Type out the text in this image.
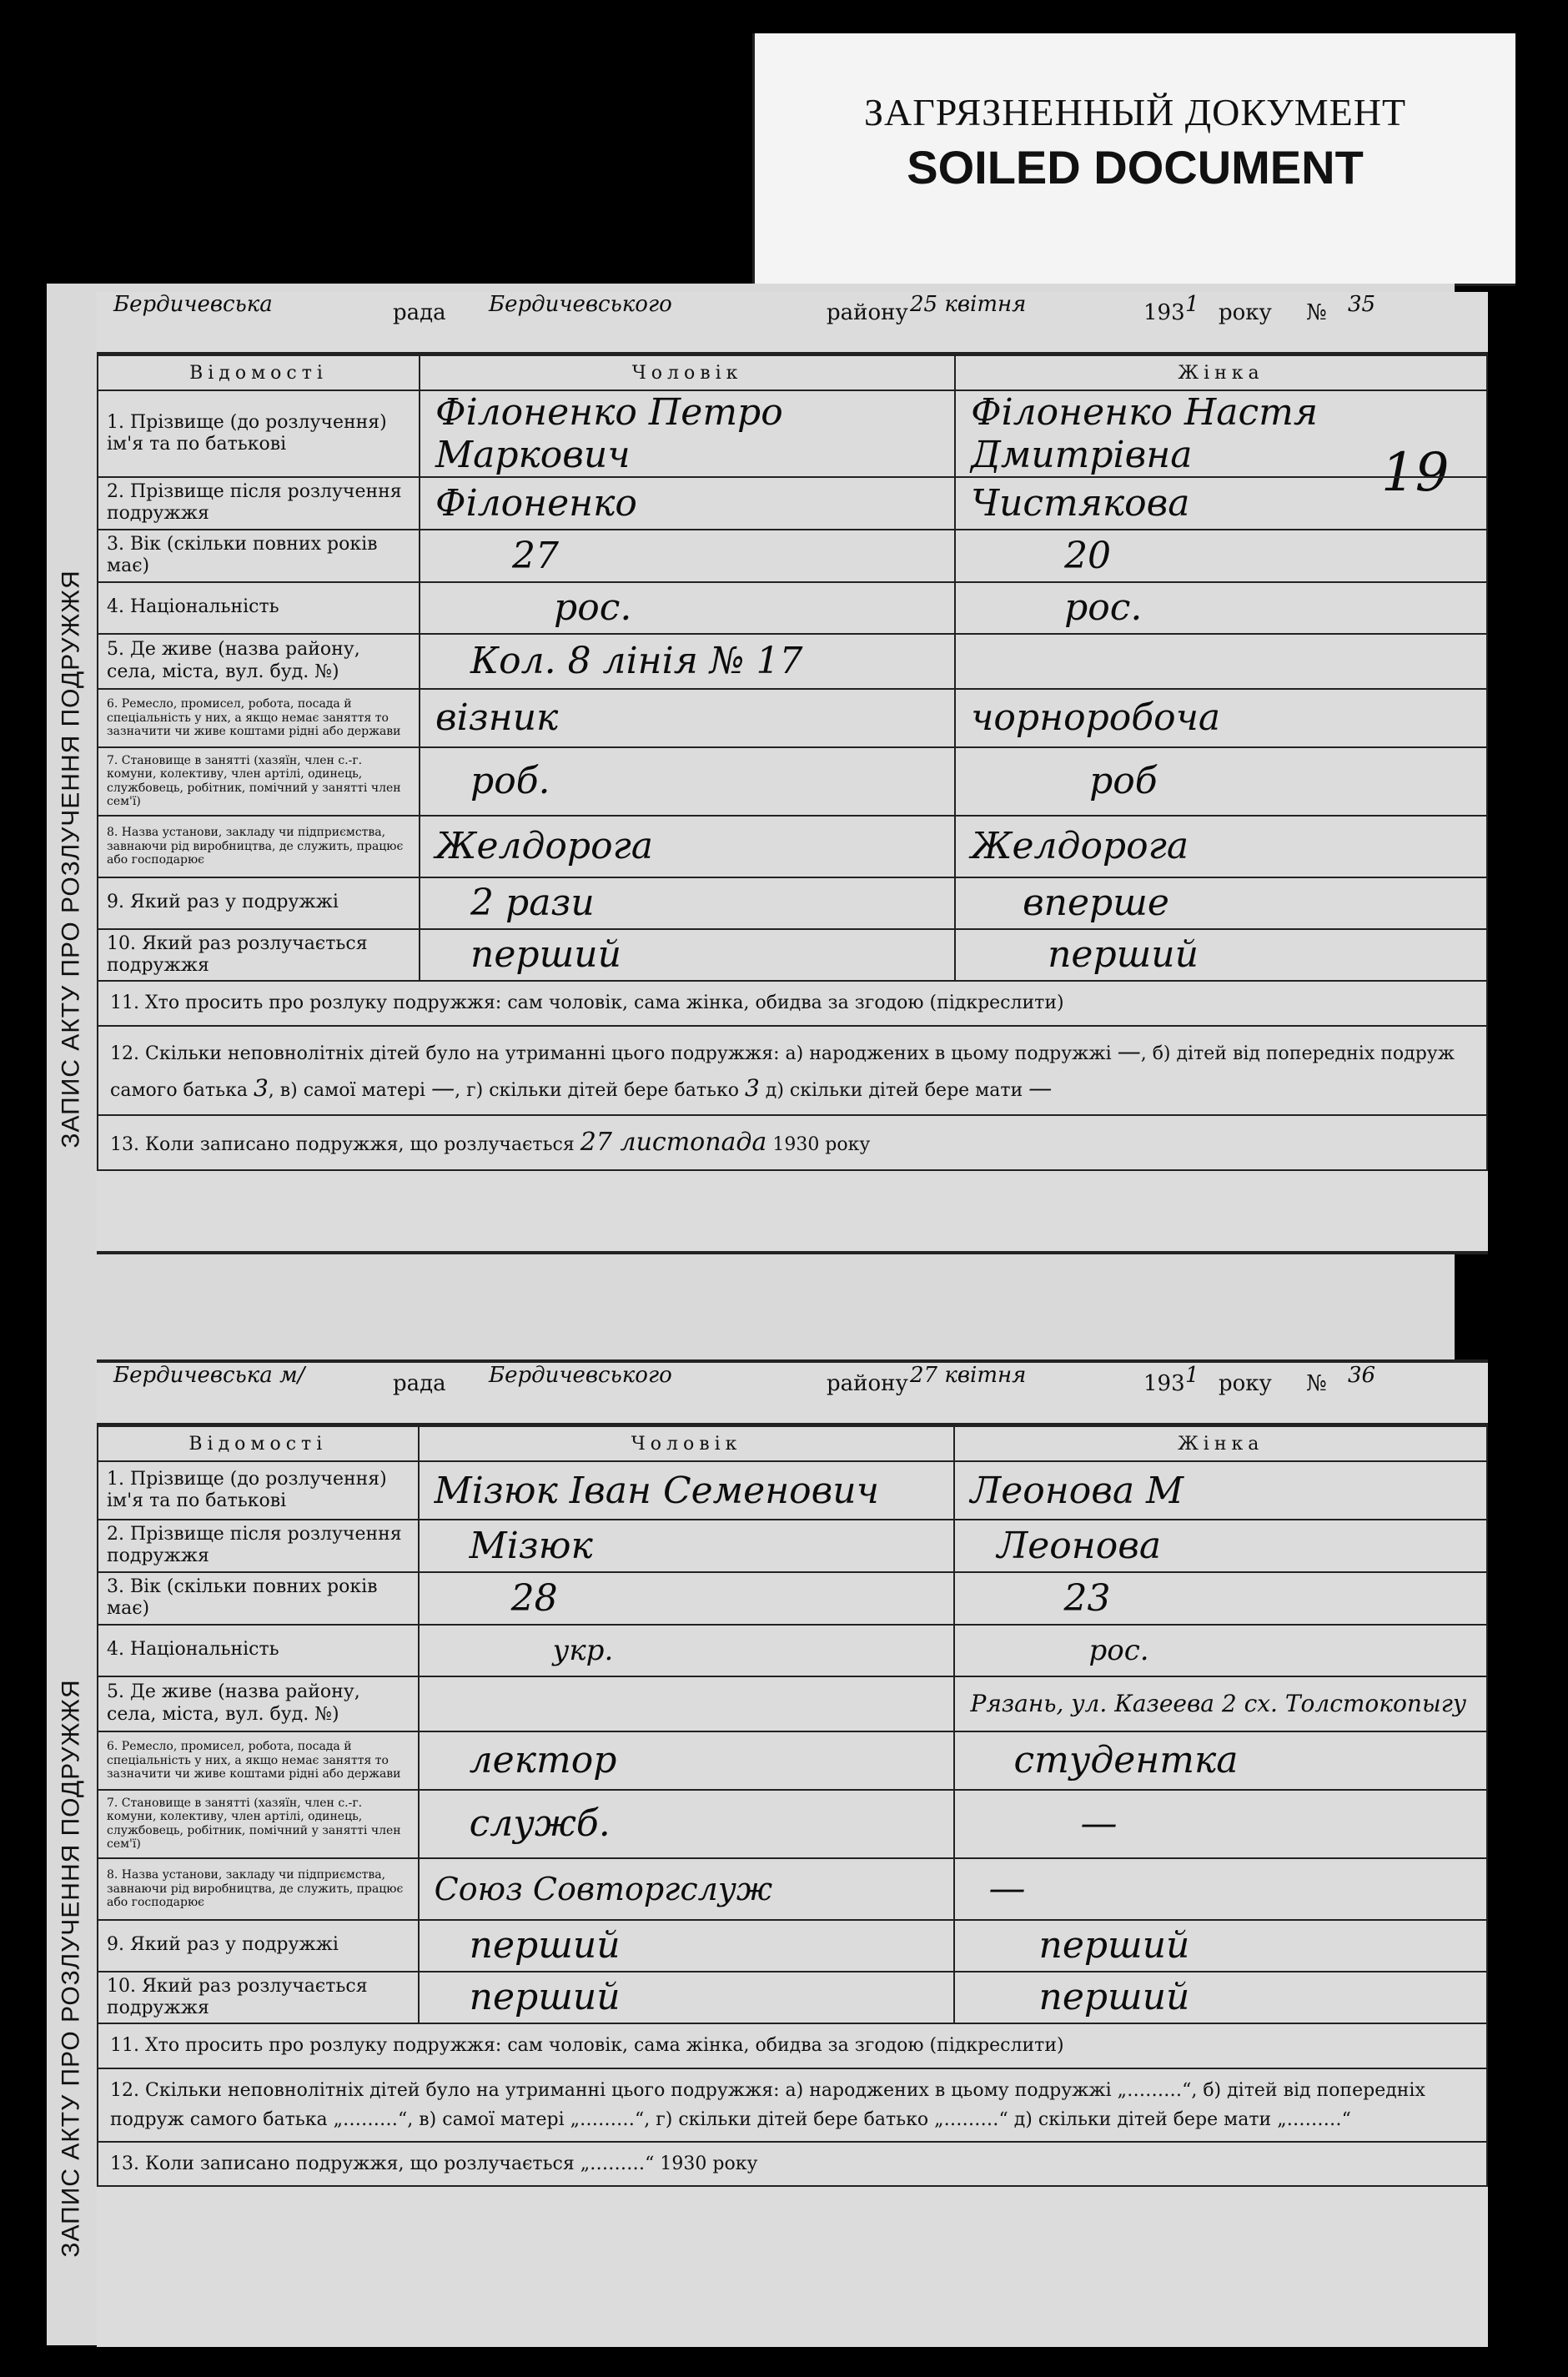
ЗАГРЯЗНЕННЫЙ ДОКУМЕНТ
SOILED DOCUMENT
ЗАПИС АКТУ ПРО РОЗЛУЧЕННЯ ПОДРУЖЖЯ
ЗАПИС АКТУ ПРО РОЗЛУЧЕННЯ ПОДРУЖЖЯ
Бердичевська	рада Бердичевського	району 25 квітня	193 1 року № 35
19
Відомості	Чоловік	Жінка
1. Прізвище (до розлучення) ім'я та по батькові	Філоненко Петро Маркович	Філоненко Настя Дмитрівна
2. Прізвище після розлучення подружжя	Філоненко	Чистякова
3. Вік (скільки повних років має)	27	20
4. Національність	рос.	рос.
5. Де живе (назва району, села, міста, вул. буд. №)	Кол. 8 лінія № 17	
6. Ремесло, промисел, робота, посада й спеціальність у них, а якщо немає заняття то зазначити чи живе коштами рідні або держави	візник	чорноробоча
7. Становище в занятті (хазяїн, член с.-г. комуни, колективу, член артілі, одинець, службовець, робітник, помічний у занятті член сем'ї)	роб.	роб
8. Назва установи, закладу чи підприємства, завнаючи рід виробництва, де служить, працює або господарює	Желдорога	Желдорога
9. Який раз у подружжі	2 рази	вперше
10. Який раз розлучається подружжя	перший	перший
11. Хто просить про розлуку подружжя: сам чоловік, сама жінка, обидва за згодою (підкреслити)		
12. Скільки неповнолітніх дітей було на утриманні цього подружжя: а) народжених в цьому подружжі —, б) дітей від попередніх подруж самого батька 3, в) самої матері —, г) скільки дітей бере батько 3 д) скільки дітей бере мати —		
13. Коли записано подружжя, що розлучається 27 листопада 1930 року		
Бердичевська м/	рада Бердичевського	району 27 квітня	193 1 року № 36
Відомості	Чоловік	Жінка
1. Прізвище (до розлучення) ім'я та по батькові	Мізюк Іван Семенович	Леонова М
2. Прізвище після розлучення подружжя	Мізюк	Леонова
3. Вік (скільки повних років має)	28	23
4. Національність	укр.	рос.
5. Де живе (назва району, села, міста, вул. буд. №)		Рязань, ул. Казеева 2 сх. Толстокопыгу
6. Ремесло, промисел, робота, посада й спеціальність у них, а якщо немає заняття то зазначити чи живе коштами рідні або держави	лектор	студентка
7. Становище в занятті (хазяїн, член с.-г. комуни, колективу, член артілі, одинець, службовець, робітник, помічний у занятті член сем'ї)	служб.	—
8. Назва установи, закладу чи підприємства, завнаючи рід виробництва, де служить, працює або господарює	Союз Совторгслуж	—
9. Який раз у подружжі	перший	перший
10. Який раз розлучається подружжя	перший	перший
11. Хто просить про розлуку подружжя: сам чоловік, сама жінка, обидва за згодою (підкреслити)		
12. Скільки неповнолітніх дітей було на утриманні цього подружжя: а) народжених в цьому подружжі „………“, б) дітей від попередніх подруж самого батька „………“, в) самої матері „………“, г) скільки дітей бере батько „………“ д) скільки дітей бере мати „………“		
13. Коли записано подружжя, що розлучається „………“ 1930 року		
